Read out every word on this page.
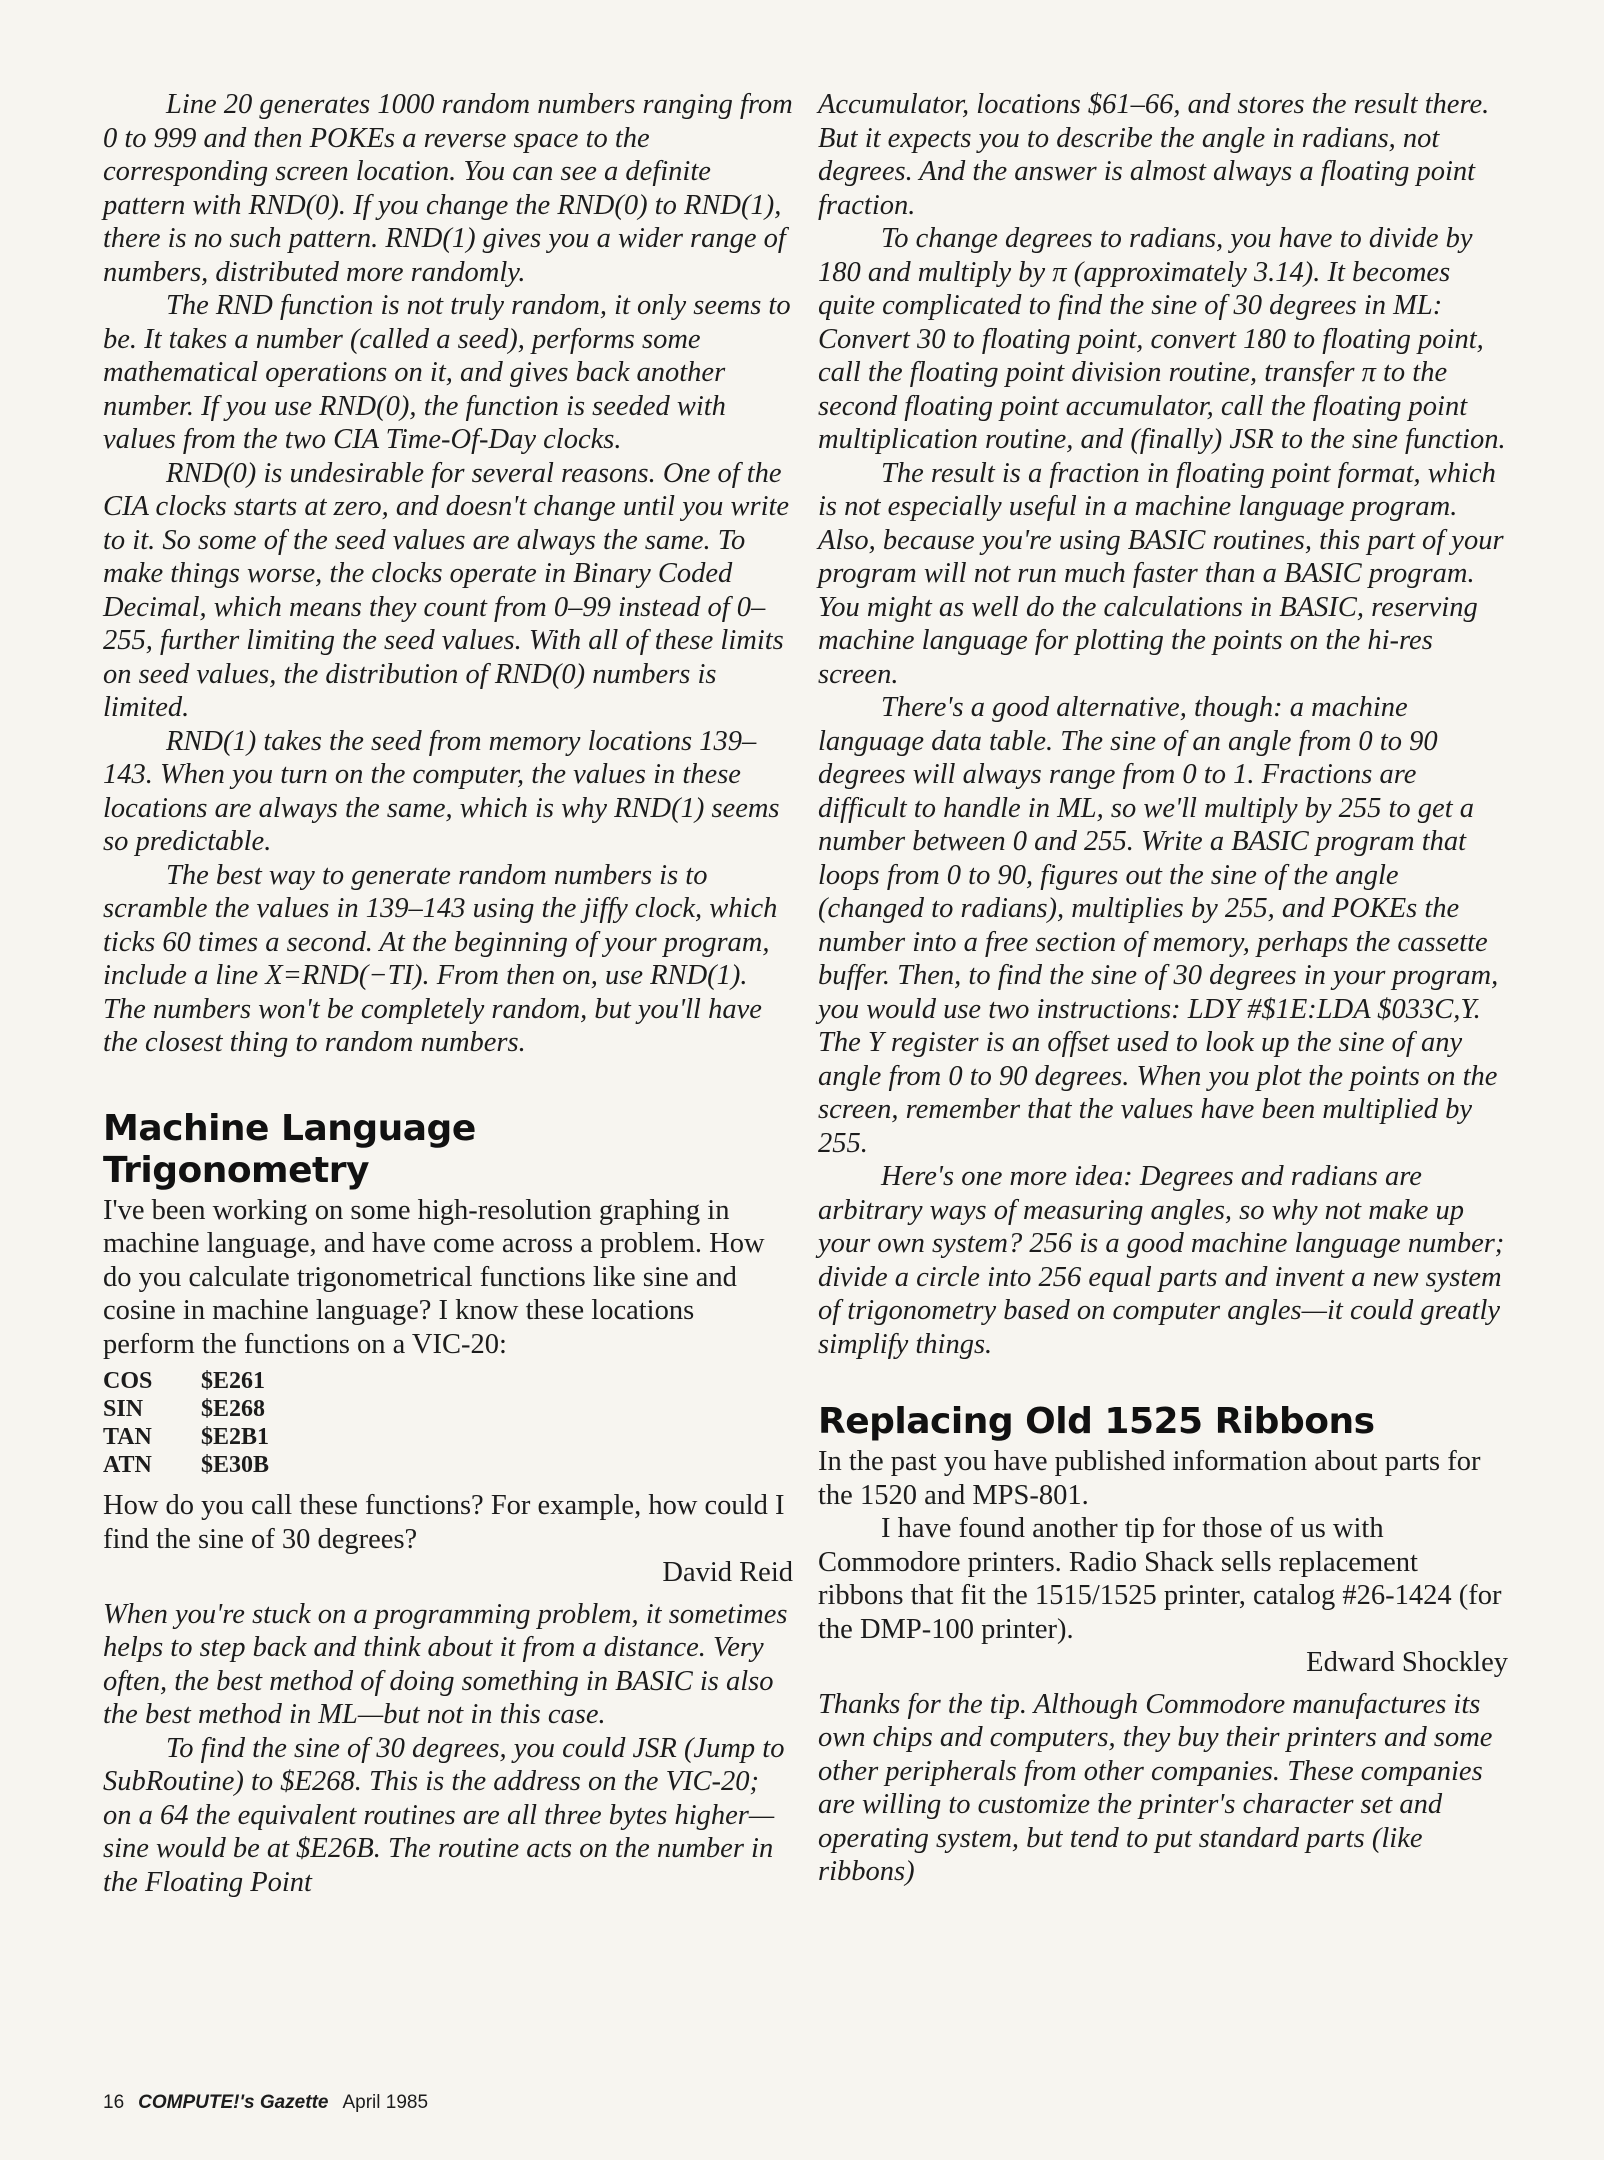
Line 20 generates 1000 random numbers ranging from 0 to 999 and then POKEs a reverse space to the corresponding screen location. You can see a definite pattern with RND(0). If you change the RND(0) to RND(1), there is no such pattern. RND(1) gives you a wider range of numbers, distributed more randomly.

The RND function is not truly random, it only seems to be. It takes a number (called a seed), performs some mathematical operations on it, and gives back another number. If you use RND(0), the function is seeded with values from the two CIA Time-Of-Day clocks.

RND(0) is undesirable for several reasons. One of the CIA clocks starts at zero, and doesn't change until you write to it. So some of the seed values are always the same. To make things worse, the clocks operate in Binary Coded Decimal, which means they count from 0–99 instead of 0–255, further limiting the seed values. With all of these limits on seed values, the distribution of RND(0) numbers is limited.

RND(1) takes the seed from memory locations 139–143. When you turn on the computer, the values in these locations are always the same, which is why RND(1) seems so predictable.

The best way to generate random numbers is to scramble the values in 139–143 using the jiffy clock, which ticks 60 times a second. At the beginning of your program, include a line X=RND(−TI). From then on, use RND(1). The numbers won't be completely random, but you'll have the closest thing to random numbers.

Machine Language
Trigonometry

I've been working on some high-resolution graphing in machine language, and have come across a problem. How do you calculate trigonometrical functions like sine and cosine in machine language? I know these locations perform the functions on a VIC-20:

COS	$E261
SIN	$E268
TAN	$E2B1
ATN	$E30B

How do you call these functions? For example, how could I find the sine of 30 degrees?

David Reid

When you're stuck on a programming problem, it sometimes helps to step back and think about it from a distance. Very often, the best method of doing something in BASIC is also the best method in ML—but not in this case.

To find the sine of 30 degrees, you could JSR (Jump to SubRoutine) to $E268. This is the address on the VIC-20; on a 64 the equivalent routines are all three bytes higher—sine would be at $E26B. The routine acts on the number in the Floating Point

Accumulator, locations $61–66, and stores the result there. But it expects you to describe the angle in radians, not degrees. And the answer is almost always a floating point fraction.

To change degrees to radians, you have to divide by 180 and multiply by π (approximately 3.14). It becomes quite complicated to find the sine of 30 degrees in ML: Convert 30 to floating point, convert 180 to floating point, call the floating point division routine, transfer π to the second floating point accumulator, call the floating point multiplication routine, and (finally) JSR to the sine function.

The result is a fraction in floating point format, which is not especially useful in a machine language program. Also, because you're using BASIC routines, this part of your program will not run much faster than a BASIC program. You might as well do the calculations in BASIC, reserving machine language for plotting the points on the hi-res screen.

There's a good alternative, though: a machine language data table. The sine of an angle from 0 to 90 degrees will always range from 0 to 1. Fractions are difficult to handle in ML, so we'll multiply by 255 to get a number between 0 and 255. Write a BASIC program that loops from 0 to 90, figures out the sine of the angle (changed to radians), multiplies by 255, and POKEs the number into a free section of memory, perhaps the cassette buffer. Then, to find the sine of 30 degrees in your program, you would use two instructions: LDY #$1E:LDA $033C,Y. The Y register is an offset used to look up the sine of any angle from 0 to 90 degrees. When you plot the points on the screen, remember that the values have been multiplied by 255.

Here's one more idea: Degrees and radians are arbitrary ways of measuring angles, so why not make up your own system? 256 is a good machine language number; divide a circle into 256 equal parts and invent a new system of trigonometry based on computer angles—it could greatly simplify things.

Replacing Old 1525 Ribbons

In the past you have published information about parts for the 1520 and MPS-801.

I have found another tip for those of us with Commodore printers. Radio Shack sells replacement ribbons that fit the 1515/1525 printer, catalog #26-1424 (for the DMP-100 printer).

Edward Shockley

Thanks for the tip. Although Commodore manufactures its own chips and computers, they buy their printers and some other peripherals from other companies. These companies are willing to customize the printer's character set and operating system, but tend to put standard parts (like ribbons)

16 COMPUTE!'s Gazette April 1985
